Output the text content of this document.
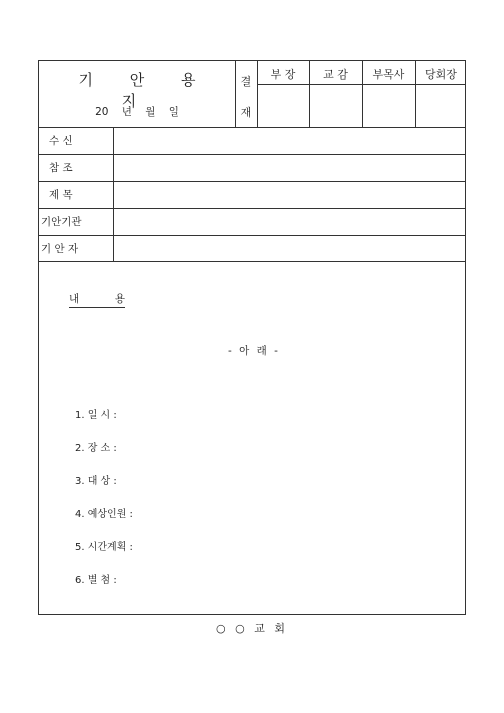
기 안 용 지
20 년 월 일
결
재
부 장	교 감	부목사	당회장
수 신
참 조
제 목
기안기관
기 안 자
내	용
- 아 래 -
1. 일 시 :
2. 장 소 :
3. 대 상 :
4. 예상인원 :
5. 시간계획 :
6. 별 첨 :
○ ○ 교 회
